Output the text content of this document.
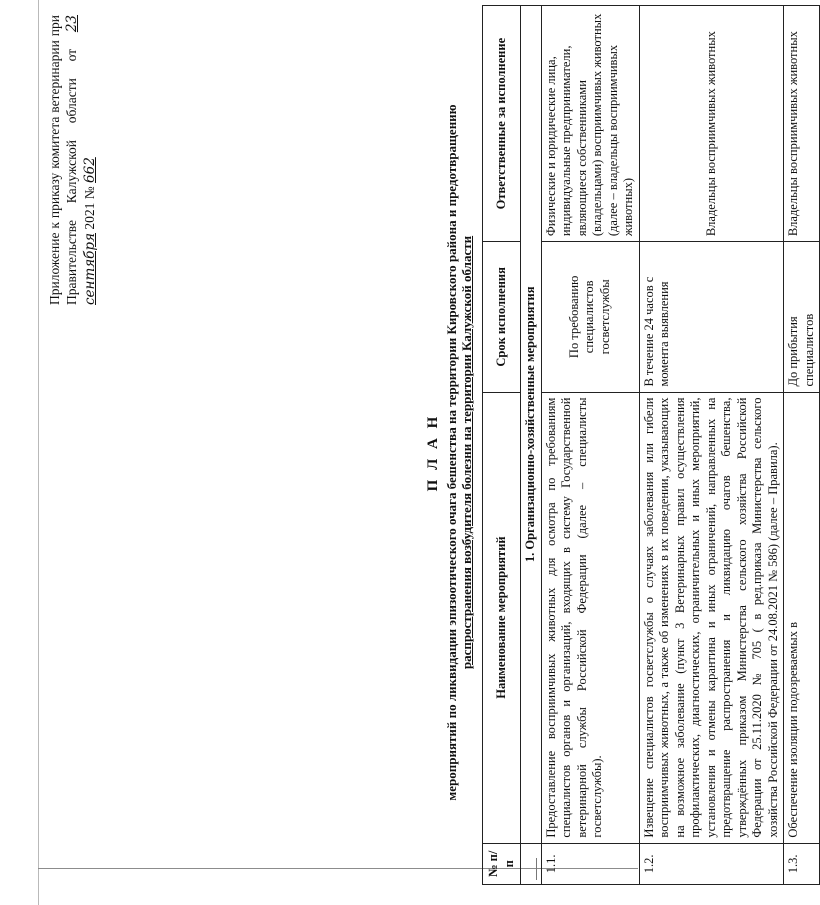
Приложение к приказу комитета ветеринарии при Правительстве Калужской области от 23 сентября 2021 № 662
П Л А Н мероприятий по ликвидации эпизоотического очага бешенства на территории Кировского района и предотвращению распространения возбудителя болезни на территории Калужской области
№ п/п	Наименование мероприятий	Срок исполнения	Ответственные за исполнение
	1. Организационно-хозяйственные мероприятия		
1.1.	Предоставление восприимчивых животных для осмотра по требованиям специалистов органов и организаций, входящих в систему Государственной ветеринарной службы Российской Федерации (далее – специалисты госветслужбы).	По требованию специалистов госветслужбы	Физические и юридические лица, индивидуальные предприниматели, являющиеся собственниками (владельцами) восприимчивых животных (далее – владельцы восприимчивых животных)
1.2.	Извещение специалистов госветслужбы о случаях заболевания или гибели восприимчивых животных, а также об изменениях в их поведении, указывающих на возможное заболевание (пункт 3 Ветеринарных правил осуществления профилактических, диагностических, ограничительных и иных мероприятий, установления и отмены карантина и иных ограничений, направленных на предотвращение распространения и ликвидацию очагов бешенства, утверждённых приказом Министерства сельского хозяйства Российской Федерации от 25.11.2020 № 705 ( в ред.приказа Министерства сельского хозяйства Российской Федерации от 24.08.2021 № 586) (далее – Правила).	В течение 24 часов с момента выявления	Владельцы восприимчивых животных
1.3.	Обеспечение изоляции подозреваемых в	До прибытия специалистов	Владельцы восприимчивых животных
